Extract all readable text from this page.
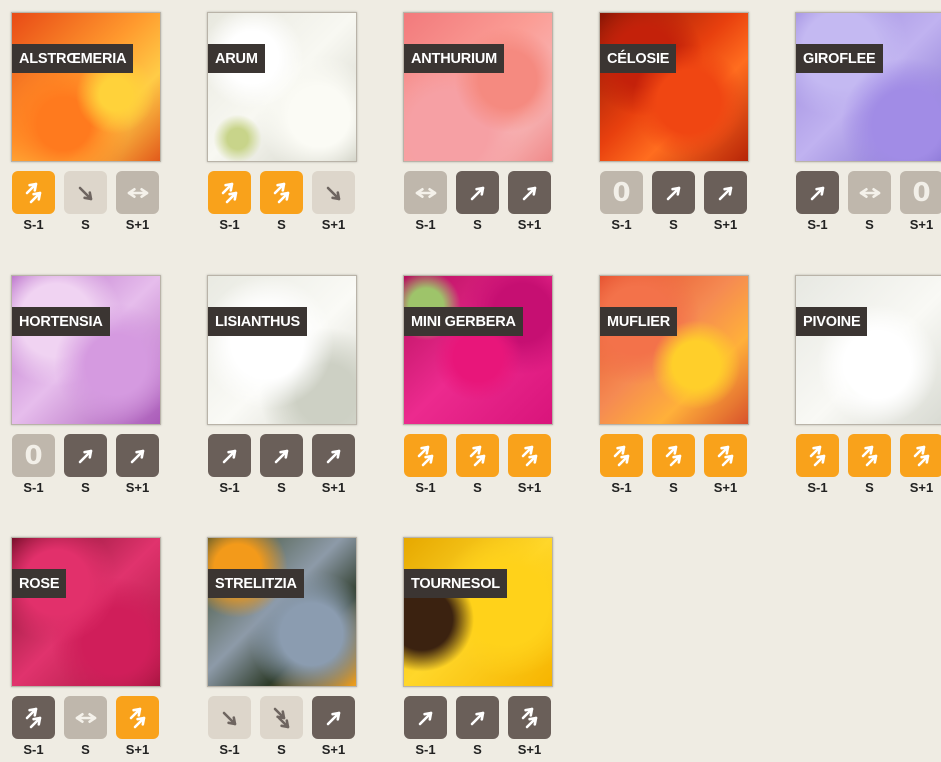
ALSTRŒMERIA
S-1	S	S+1
ARUM
S-1	S	S+1
ANTHURIUM
S-1	S	S+1
CÉLOSIE
0
S-1	S	S+1
GIROFLEE
0
S-1	S	S+1
HORTENSIA
0
S-1	S	S+1
LISIANTHUS
S-1	S	S+1
MINI GERBERA
S-1	S	S+1
MUFLIER
S-1	S	S+1
PIVOINE
S-1	S	S+1
ROSE
S-1	S	S+1
STRELITZIA
S-1	S	S+1
TOURNESOL
S-1	S	S+1
